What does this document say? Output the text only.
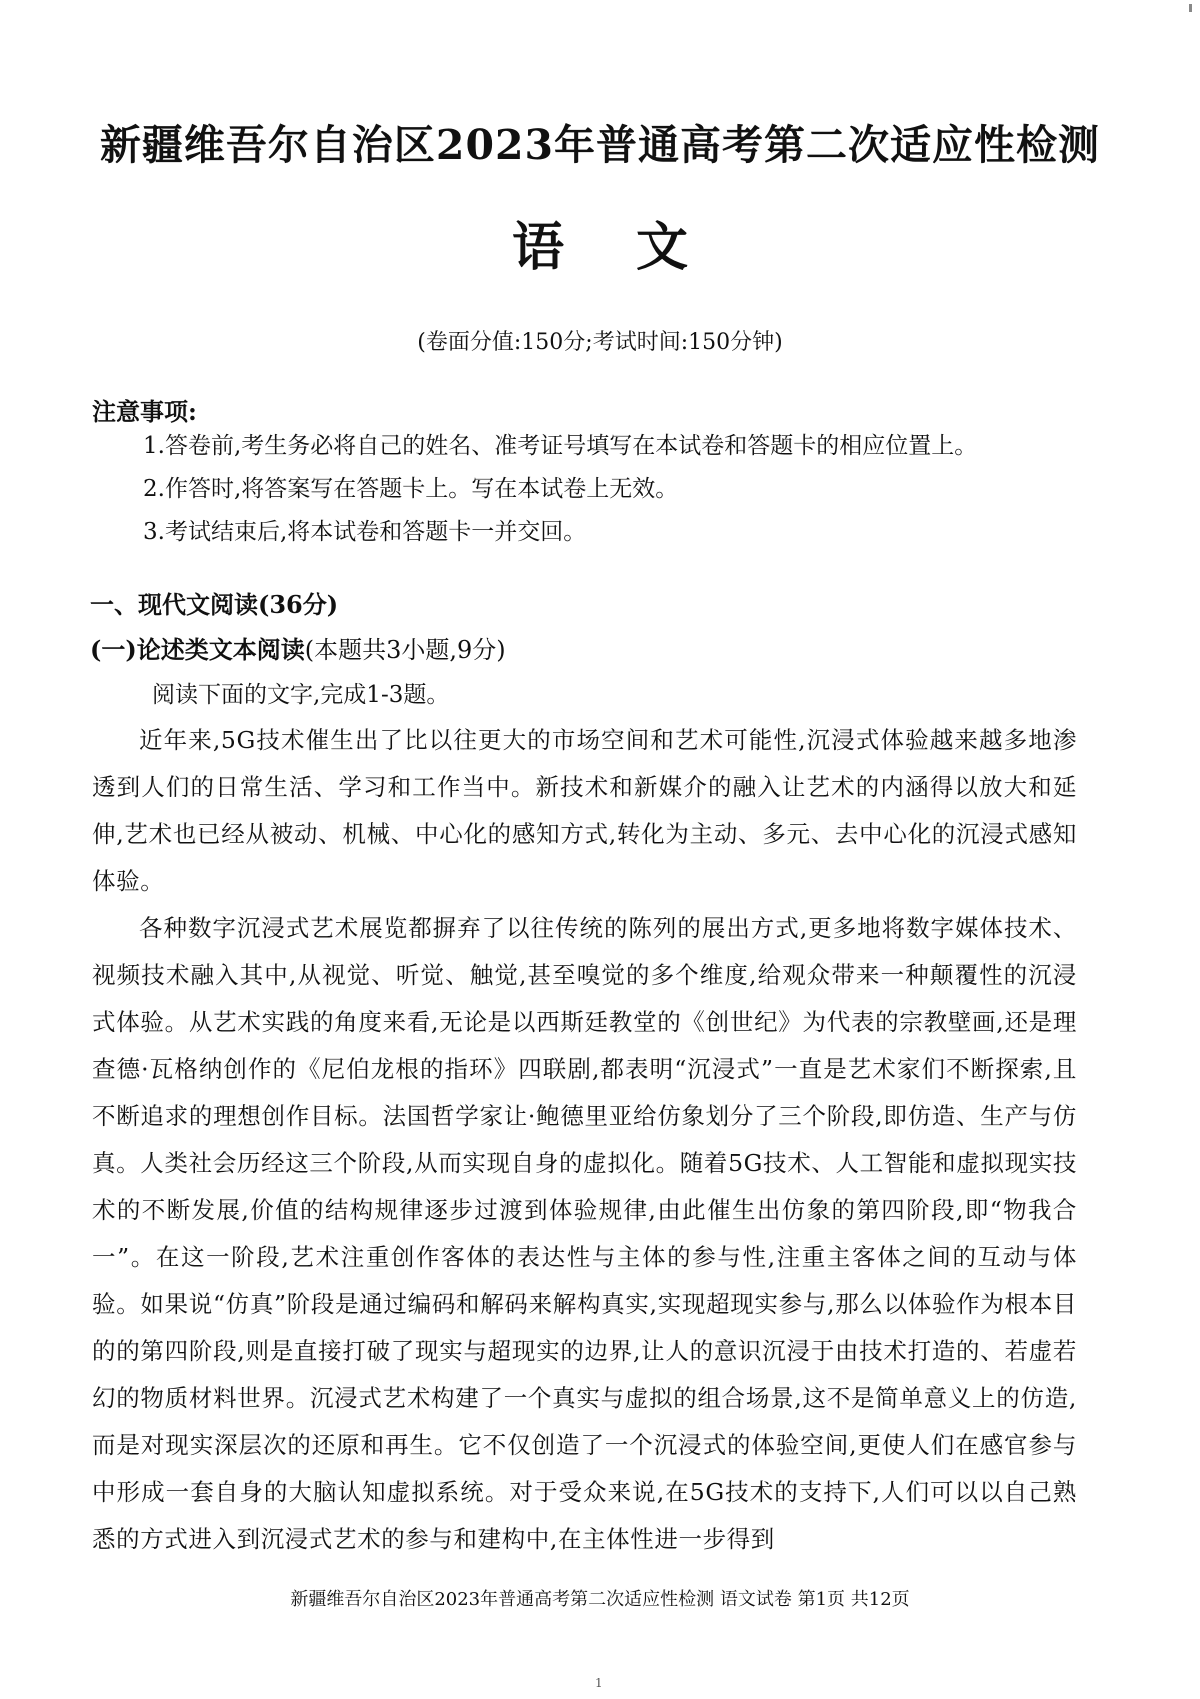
新疆维吾尔自治区2023年普通高考第二次适应性检测
语文
(卷面分值:150分;考试时间:150分钟)
注意事项:
1.答卷前,考生务必将自己的姓名、准考证号填写在本试卷和答题卡的相应位置上。
2.作答时,将答案写在答题卡上。写在本试卷上无效。
3.考试结束后,将本试卷和答题卡一并交回。
一、现代文阅读(36分)
(一)论述类文本阅读(本题共3小题,9分)
阅读下面的文字,完成1-3题。

近年来,5G技术催生出了比以往更大的市场空间和艺术可能性,沉浸式体验越来越多地渗透到人们的日常生活、学习和工作当中。新技术和新媒介的融入让艺术的内涵得以放大和延伸,艺术也已经从被动、机械、中心化的感知方式,转化为主动、多元、去中心化的沉浸式感知体验。

各种数字沉浸式艺术展览都摒弃了以往传统的陈列的展出方式,更多地将数字媒体技术、视频技术融入其中,从视觉、听觉、触觉,甚至嗅觉的多个维度,给观众带来一种颠覆性的沉浸式体验。从艺术实践的角度来看,无论是以西斯廷教堂的《创世纪》为代表的宗教壁画,还是理查德·瓦格纳创作的《尼伯龙根的指环》四联剧,都表明“沉浸式”一直是艺术家们不断探索,且不断追求的理想创作目标。法国哲学家让·鲍德里亚给仿象划分了三个阶段,即仿造、生产与仿真。人类社会历经这三个阶段,从而实现自身的虚拟化。随着5G技术、人工智能和虚拟现实技术的不断发展,价值的结构规律逐步过渡到体验规律,由此催生出仿象的第四阶段,即“物我合一”。在这一阶段,艺术注重创作客体的表达性与主体的参与性,注重主客体之间的互动与体验。如果说“仿真”阶段是通过编码和解码来解构真实,实现超现实参与,那么以体验作为根本目的的第四阶段,则是直接打破了现实与超现实的边界,让人的意识沉浸于由技术打造的、若虚若幻的物质材料世界。沉浸式艺术构建了一个真实与虚拟的组合场景,这不是简单意义上的仿造,而是对现实深层次的还原和再生。它不仅创造了一个沉浸式的体验空间,更使人们在感官参与中形成一套自身的大脑认知虚拟系统。对于受众来说,在5G技术的支持下,人们可以以自己熟悉的方式进入到沉浸式艺术的参与和建构中,在主体性进一步得到

新疆维吾尔自治区2023年普通高考第二次适应性检测 语文试卷 第1页 共12页
1
